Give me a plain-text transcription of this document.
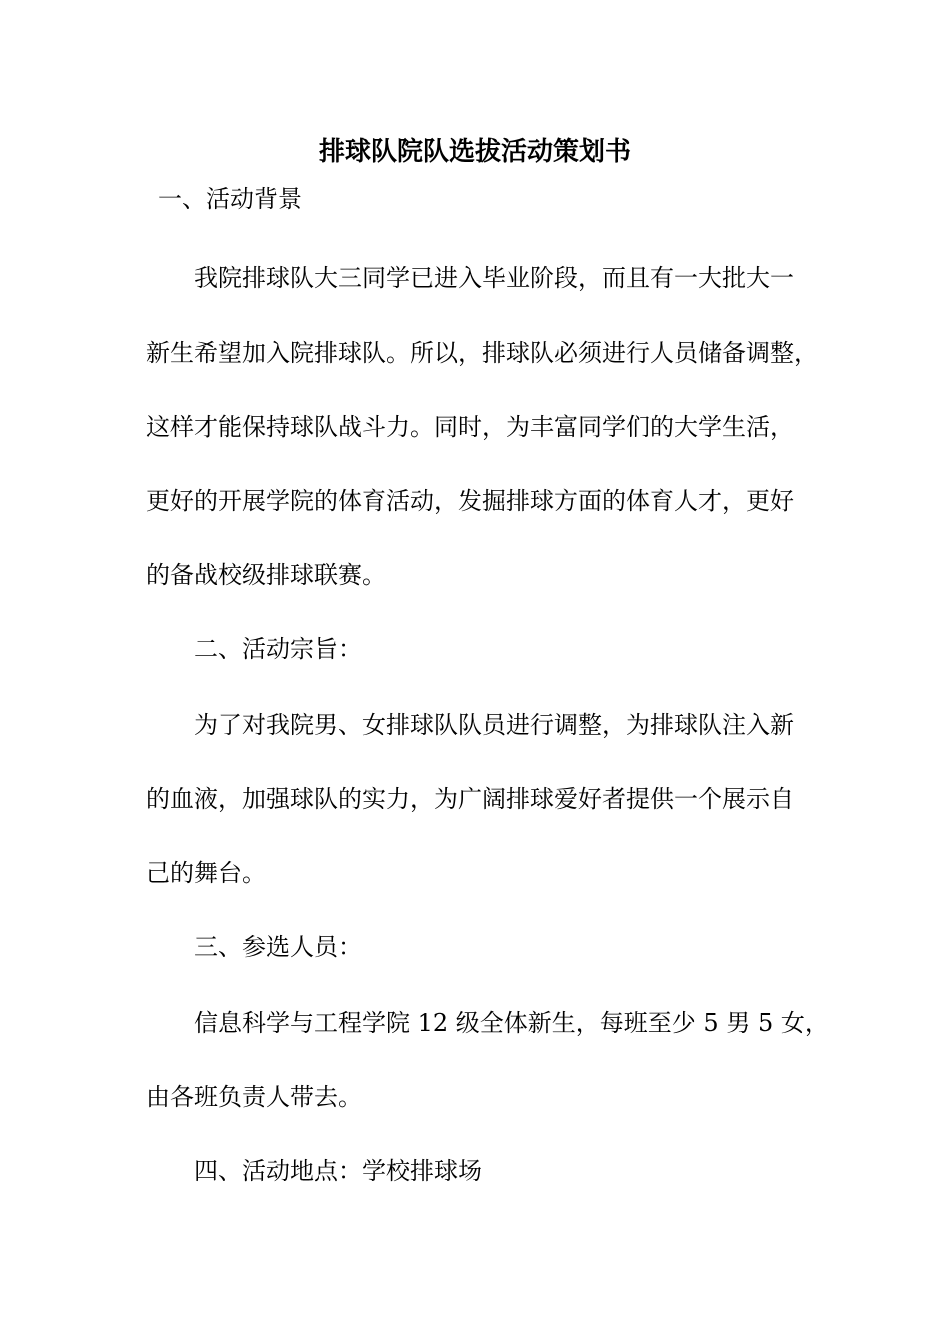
排球队院队选拔活动策划书
一、活动背景
我院排球队大三同学已进入毕业阶段，而且有一大批大一
新生希望加入院排球队。所以，排球队必须进行人员储备调整，
这样才能保持球队战斗力。同时，为丰富同学们的大学生活，
更好的开展学院的体育活动，发掘排球方面的体育人才，更好
的备战校级排球联赛。
二、活动宗旨：
为了对我院男、女排球队队员进行调整，为排球队注入新
的血液，加强球队的实力，为广阔排球爱好者提供一个展示自
己的舞台。
三、参选人员：
信息科学与工程学院 12 级全体新生，每班至少 5 男 5 女，
由各班负责人带去。
四、活动地点：学校排球场
